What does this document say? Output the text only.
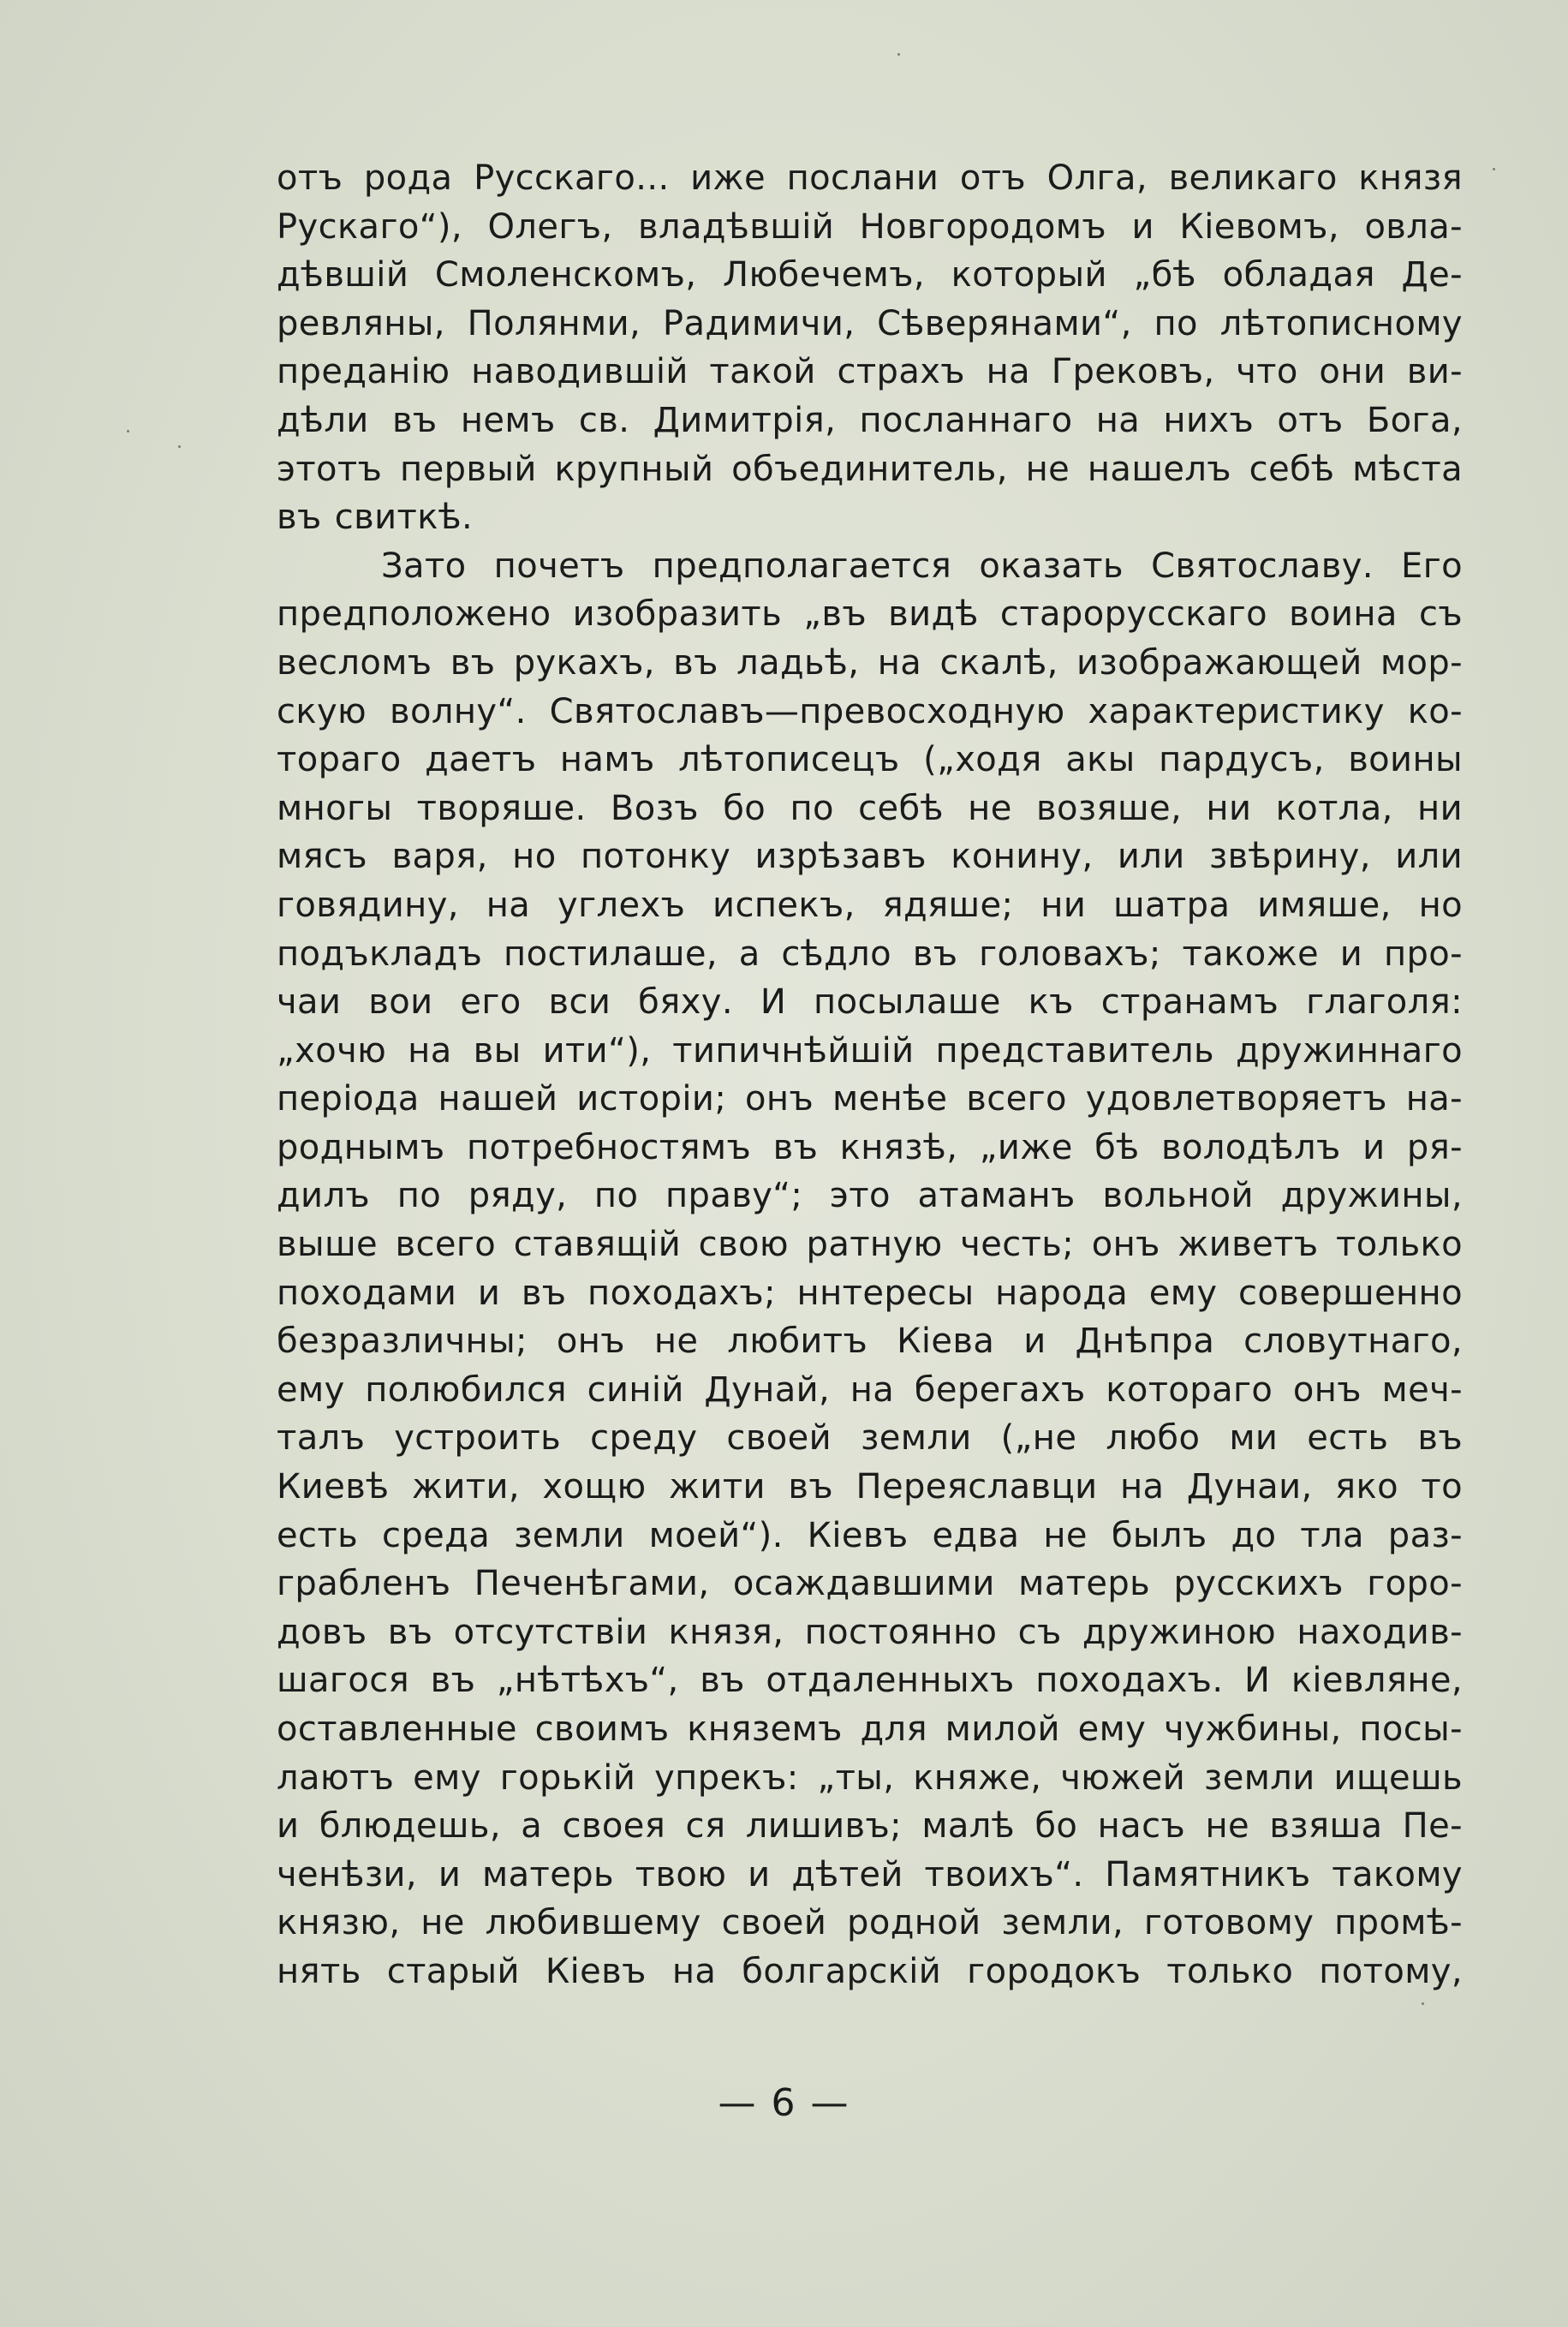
отъ рода Русскаго... иже послани отъ Олга, великаго князя
Рускаго“), Олегъ, владѣвшій Новгородомъ и Кіевомъ, овла-
дѣвшій Смоленскомъ, Любечемъ, который „бѣ обладая Де-
ревляны, Полянми, Радимичи, Сѣверянами“, по лѣтописному
преданію наводившій такой страхъ на Грековъ, что они ви-
дѣли въ немъ св. Димитрія, посланнаго на нихъ отъ Бога,
этотъ первый крупный объединитель, не нашелъ себѣ мѣста
въ свиткѣ.
Зато почетъ предполагается оказать Святославу. Его
предположено изобразить „въ видѣ старорусскаго воина съ
весломъ въ рукахъ, въ ладьѣ, на скалѣ, изображающей мор-
скую волну“. Святославъ—превосходную характеристику ко-
тораго даетъ намъ лѣтописецъ („ходя акы пардусъ, воины
многы творяше. Возъ бо по себѣ не возяше, ни котла, ни
мясъ варя, но потонку изрѣзавъ конину, или звѣрину, или
говядину, на углехъ испекъ, ядяше; ни шатра имяше, но
подъкладъ постилаше, а сѣдло въ головахъ; такоже и про-
чаи вои его вси бяху. И посылаше къ странамъ глаголя:
„хочю на вы ити“), типичнѣйшій представитель дружиннаго
періода нашей исторіи; онъ менѣе всего удовлетворяетъ на-
роднымъ потребностямъ въ князѣ, „иже бѣ володѣлъ и ря-
дилъ по ряду, по праву“; это атаманъ вольной дружины,
выше всего ставящій свою ратную честь; онъ живетъ только
походами и въ походахъ; ннтересы народа ему совершенно
безразличны; онъ не любитъ Кіева и Днѣпра словутнаго,
ему полюбился синій Дунай, на берегахъ котораго онъ меч-
талъ устроить среду своей земли („не любо ми есть въ
Киевѣ жити, хощю жити въ Переяславци на Дунаи, яко то
есть среда земли моей“). Кіевъ едва не былъ до тла раз-
грабленъ Печенѣгами, осаждавшими матерь русскихъ горо-
довъ въ отсутствіи князя, постоянно съ дружиною находив-
шагося въ „нѣтѣхъ“, въ отдаленныхъ походахъ. И кіевляне,
оставленные своимъ княземъ для милой ему чужбины, посы-
лаютъ ему горькій упрекъ: „ты, княже, чюжей земли ищешь
и блюдешь, а своея ся лишивъ; малѣ бо насъ не взяша Пе-
ченѣзи, и матерь твою и дѣтей твоихъ“. Памятникъ такому
князю, не любившему своей родной земли, готовому промѣ-
нять старый Кіевъ на болгарскій городокъ только потому,
— 6 —
